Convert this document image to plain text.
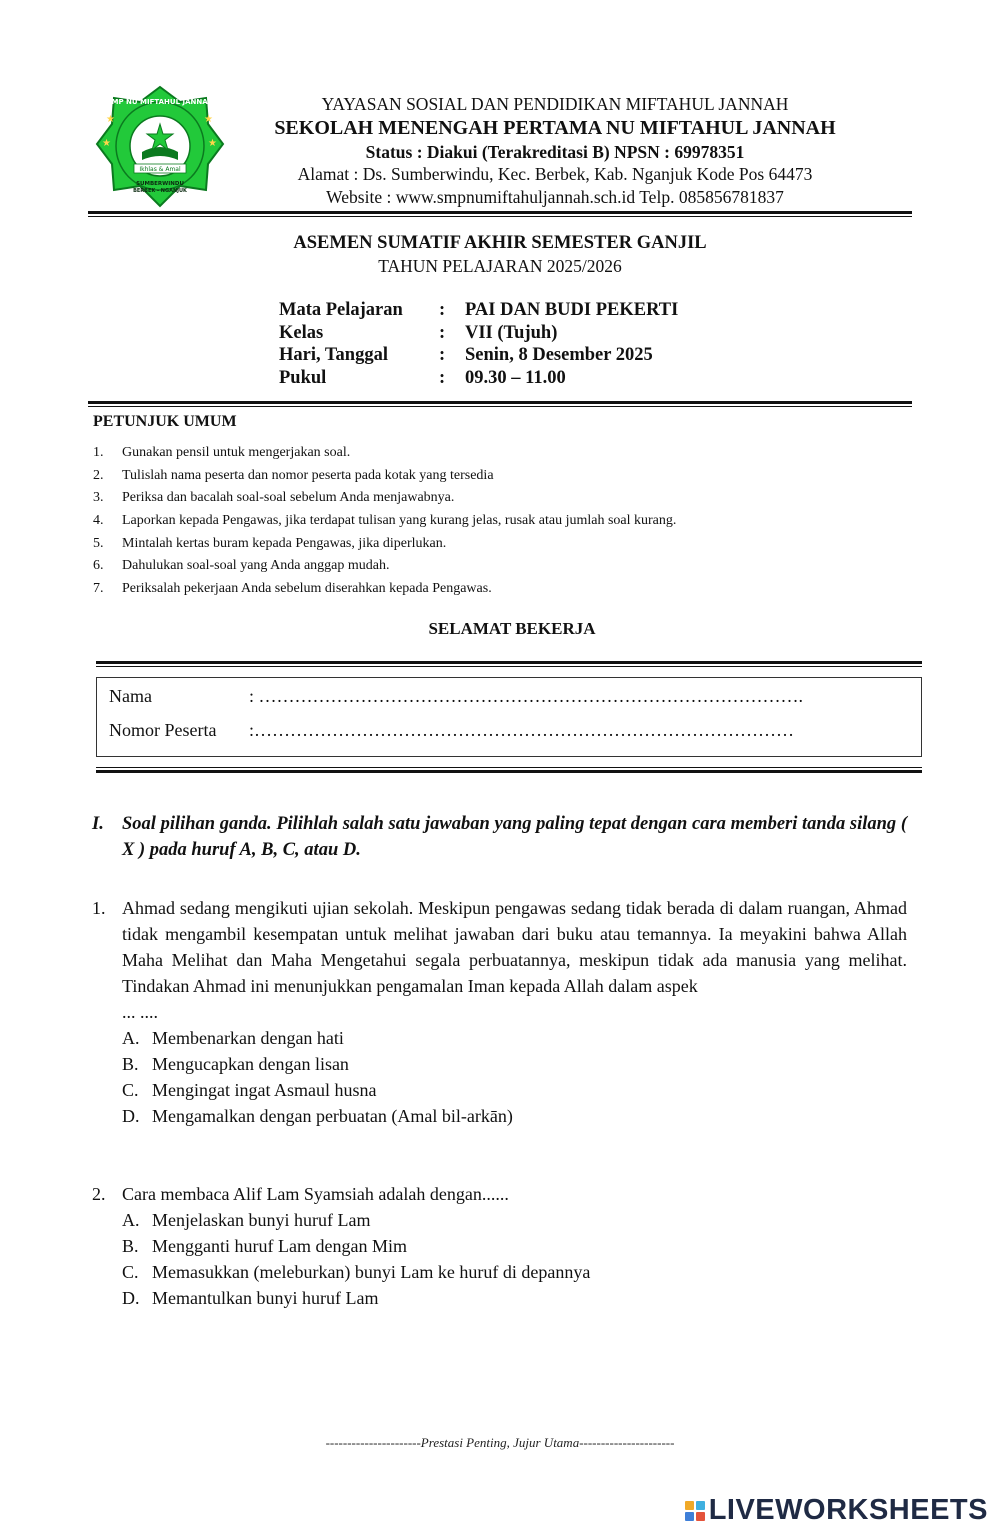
★	★
★	★
SMP NU MIFTAHUL JANNAH
Ikhlas & Amal
SUMBERWINDU
BERBEK - NGANJUK
YAYASAN SOSIAL DAN PENDIDIKAN MIFTAHUL JANNAH
SEKOLAH MENENGAH PERTAMA NU MIFTAHUL JANNAH
Status : Diakui (Terakreditasi B) NPSN : 69978351
Alamat : Ds. Sumberwindu, Kec. Berbek, Kab. Nganjuk Kode Pos 64473
Website : www.smpnumiftahuljannah.sch.id Telp. 085856781837
ASEMEN SUMATIF AKHIR SEMESTER GANJIL
TAHUN PELAJARAN 2025/2026
Mata Pelajaran	:	PAI DAN BUDI PEKERTI
Kelas	:	VII (Tujuh)
Hari, Tanggal	:	Senin, 8 Desember 2025
Pukul	:	09.30 – 11.00
PETUNJUK UMUM
1.	Gunakan pensil untuk mengerjakan soal.
2.	Tulislah nama peserta dan nomor peserta pada kotak yang tersedia
3.	Periksa dan bacalah soal-soal sebelum Anda menjawabnya.
4.	Laporkan kepada Pengawas, jika terdapat tulisan yang kurang jelas, rusak atau jumlah soal kurang.
5.	Mintalah kertas buram kepada Pengawas, jika diperlukan.
6.	Dahulukan soal-soal yang Anda anggap mudah.
7.	Periksalah pekerjaan Anda sebelum diserahkan kepada Pengawas.
SELAMAT BEKERJA
Nama	: ……………………………………………………………………………….
Nomor Peserta	:………………………………………………………………………………
I. Soal pilihan ganda. Pilihlah salah satu jawaban yang paling tepat dengan cara memberi tanda silang ( X ) pada huruf A, B, C, atau D.
1. Ahmad sedang mengikuti ujian sekolah. Meskipun pengawas sedang tidak berada di dalam ruangan, Ahmad tidak mengambil kesempatan untuk melihat jawaban dari buku atau temannya. Ia meyakini bahwa Allah Maha Melihat dan Maha Mengetahui segala perbuatannya, meskipun tidak ada manusia yang melihat. Tindakan Ahmad ini menunjukkan pengamalan Iman kepada Allah dalam aspek
... ....
A. Membenarkan dengan hati
B. Mengucapkan dengan lisan
C. Mengingat ingat Asmaul husna
D. Mengamalkan dengan perbuatan (Amal bil-arkān)
2. Cara membaca Alif Lam Syamsiah adalah dengan......
A. Menjelaskan bunyi huruf Lam
B. Mengganti huruf Lam dengan Mim
C. Memasukkan (meleburkan) bunyi Lam ke huruf di depannya
D. Memantulkan bunyi huruf Lam
----------------------Prestasi Penting, Jujur Utama----------------------
LIVEWORKSHEETS
